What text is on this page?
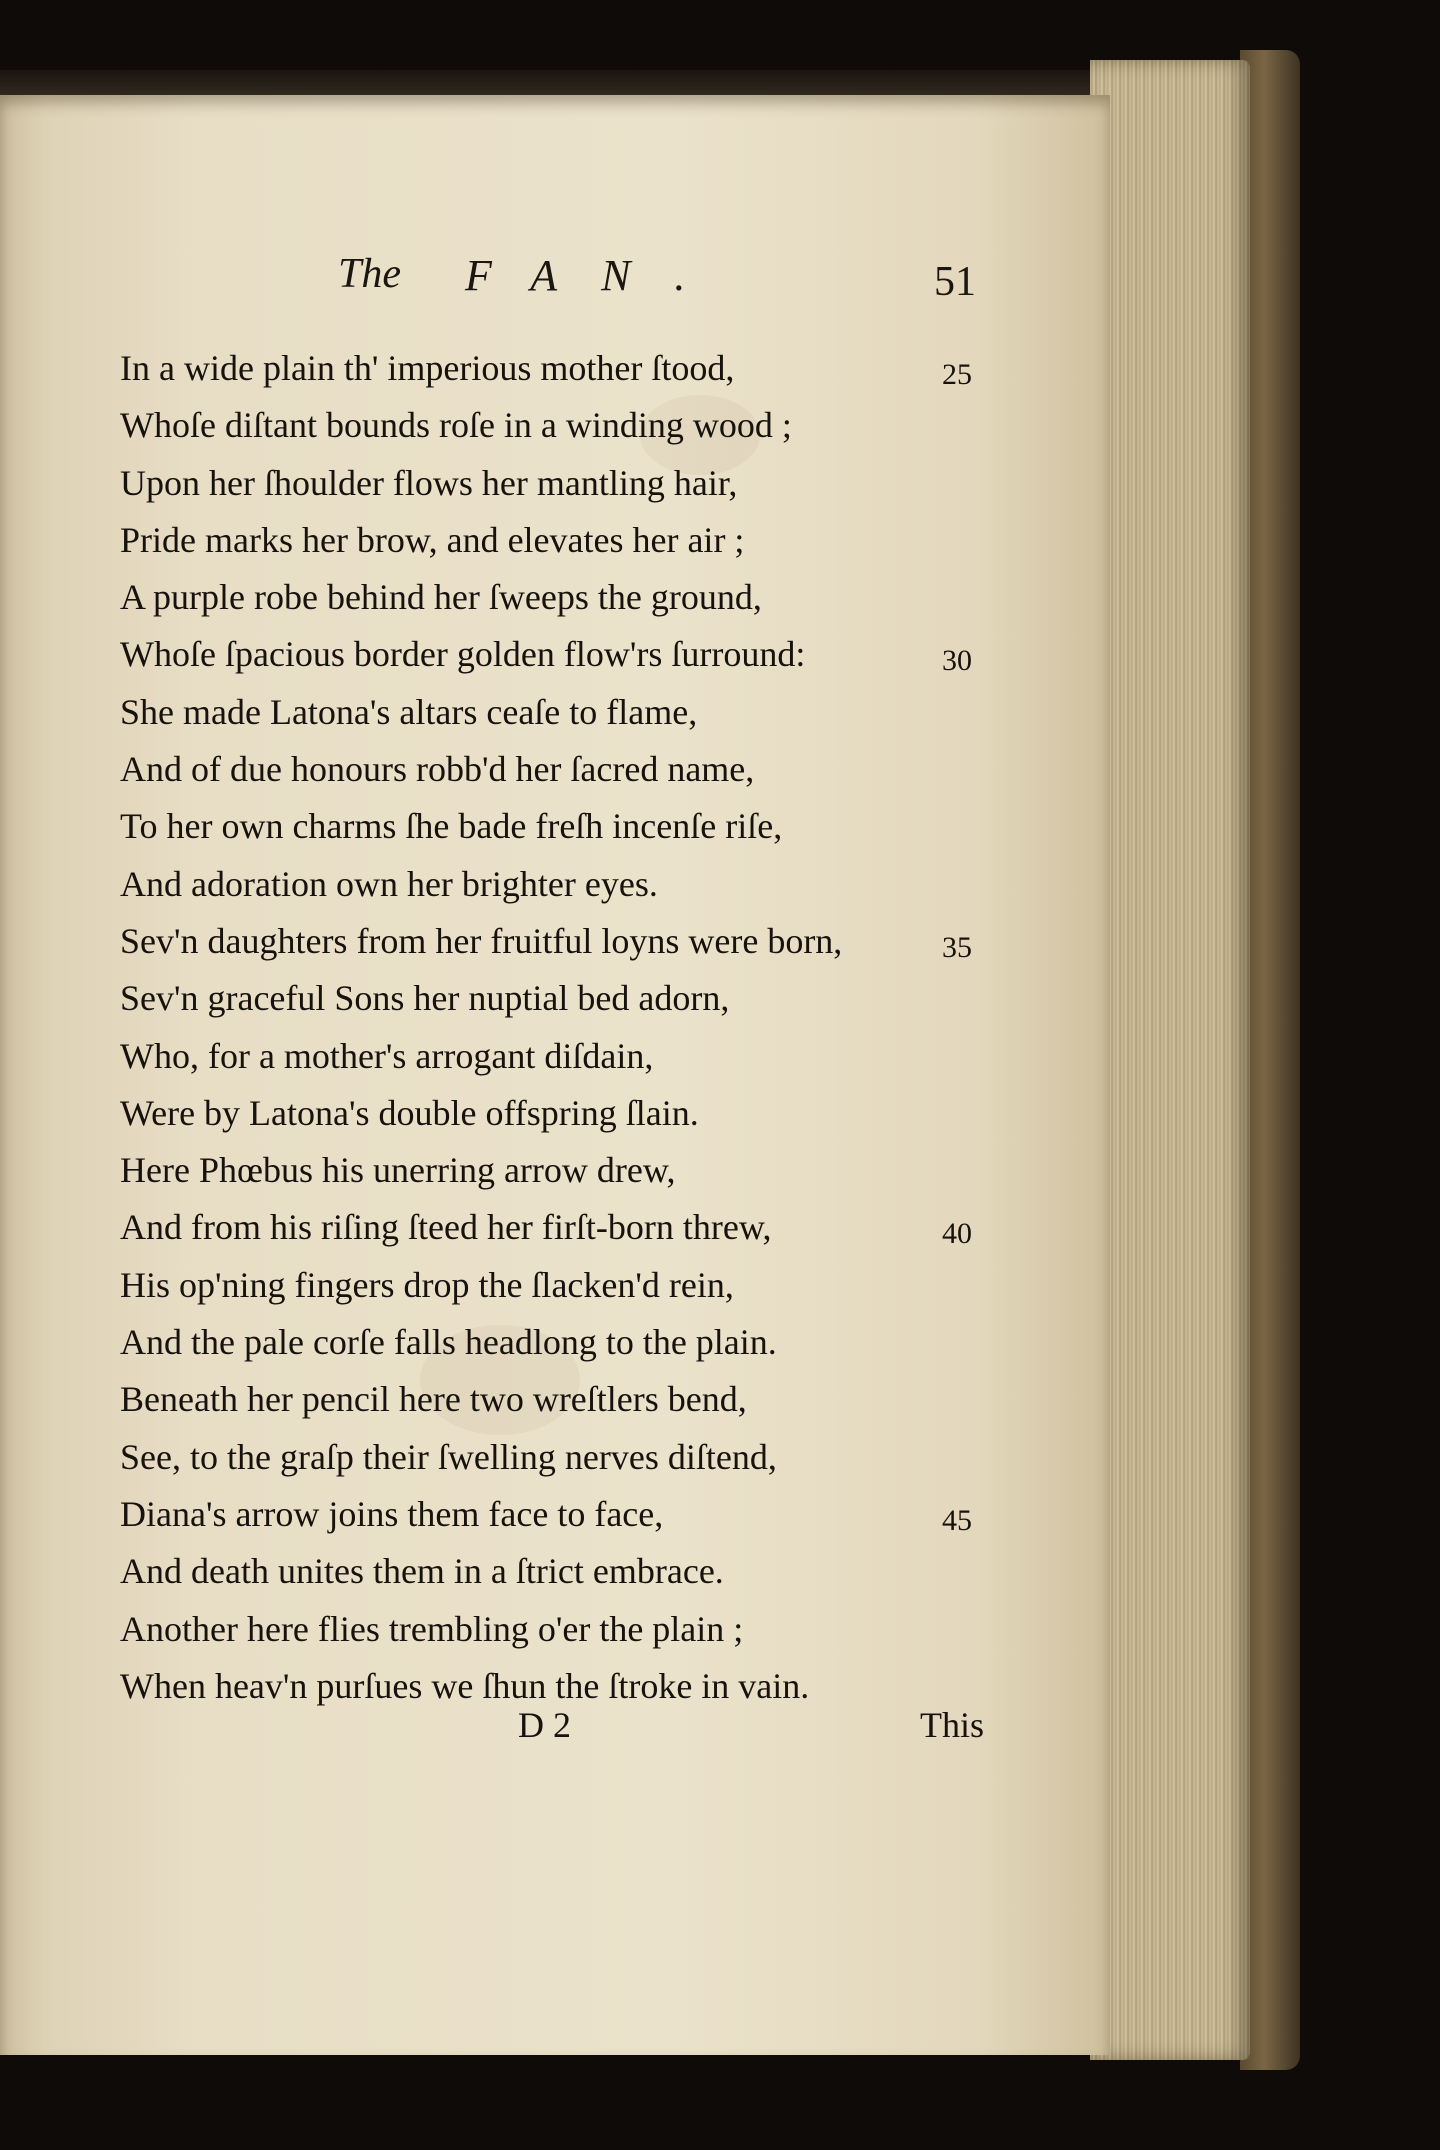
The FAN.	51
In a wide plain th' imperious mother ſtood,	25
Whoſe diſtant bounds roſe in a winding wood ;
Upon her ſhoulder flows her mantling hair,
Pride marks her brow, and elevates her air ;
A purple robe behind her ſweeps the ground,
Whoſe ſpacious border golden flow'rs ſurround:	30
She made Latona's altars ceaſe to flame,
And of due honours robb'd her ſacred name,
To her own charms ſhe bade freſh incenſe riſe,
And adoration own her brighter eyes.
Sev'n daughters from her fruitful loyns were born,	35
Sev'n graceful Sons her nuptial bed adorn,
Who, for a mother's arrogant diſdain,
Were by Latona's double offspring ſlain.
Here Phœbus his unerring arrow drew,
And from his riſing ſteed her firſt-born threw,	40
His op'ning fingers drop the ſlacken'd rein,
And the pale corſe falls headlong to the plain.
Beneath her pencil here two wreſtlers bend,
See, to the graſp their ſwelling nerves diſtend,
Diana's arrow joins them face to face,	45
And death unites them in a ſtrict embrace.
Another here flies trembling o'er the plain ;
When heav'n purſues we ſhun the ſtroke in vain.
D 2	This
